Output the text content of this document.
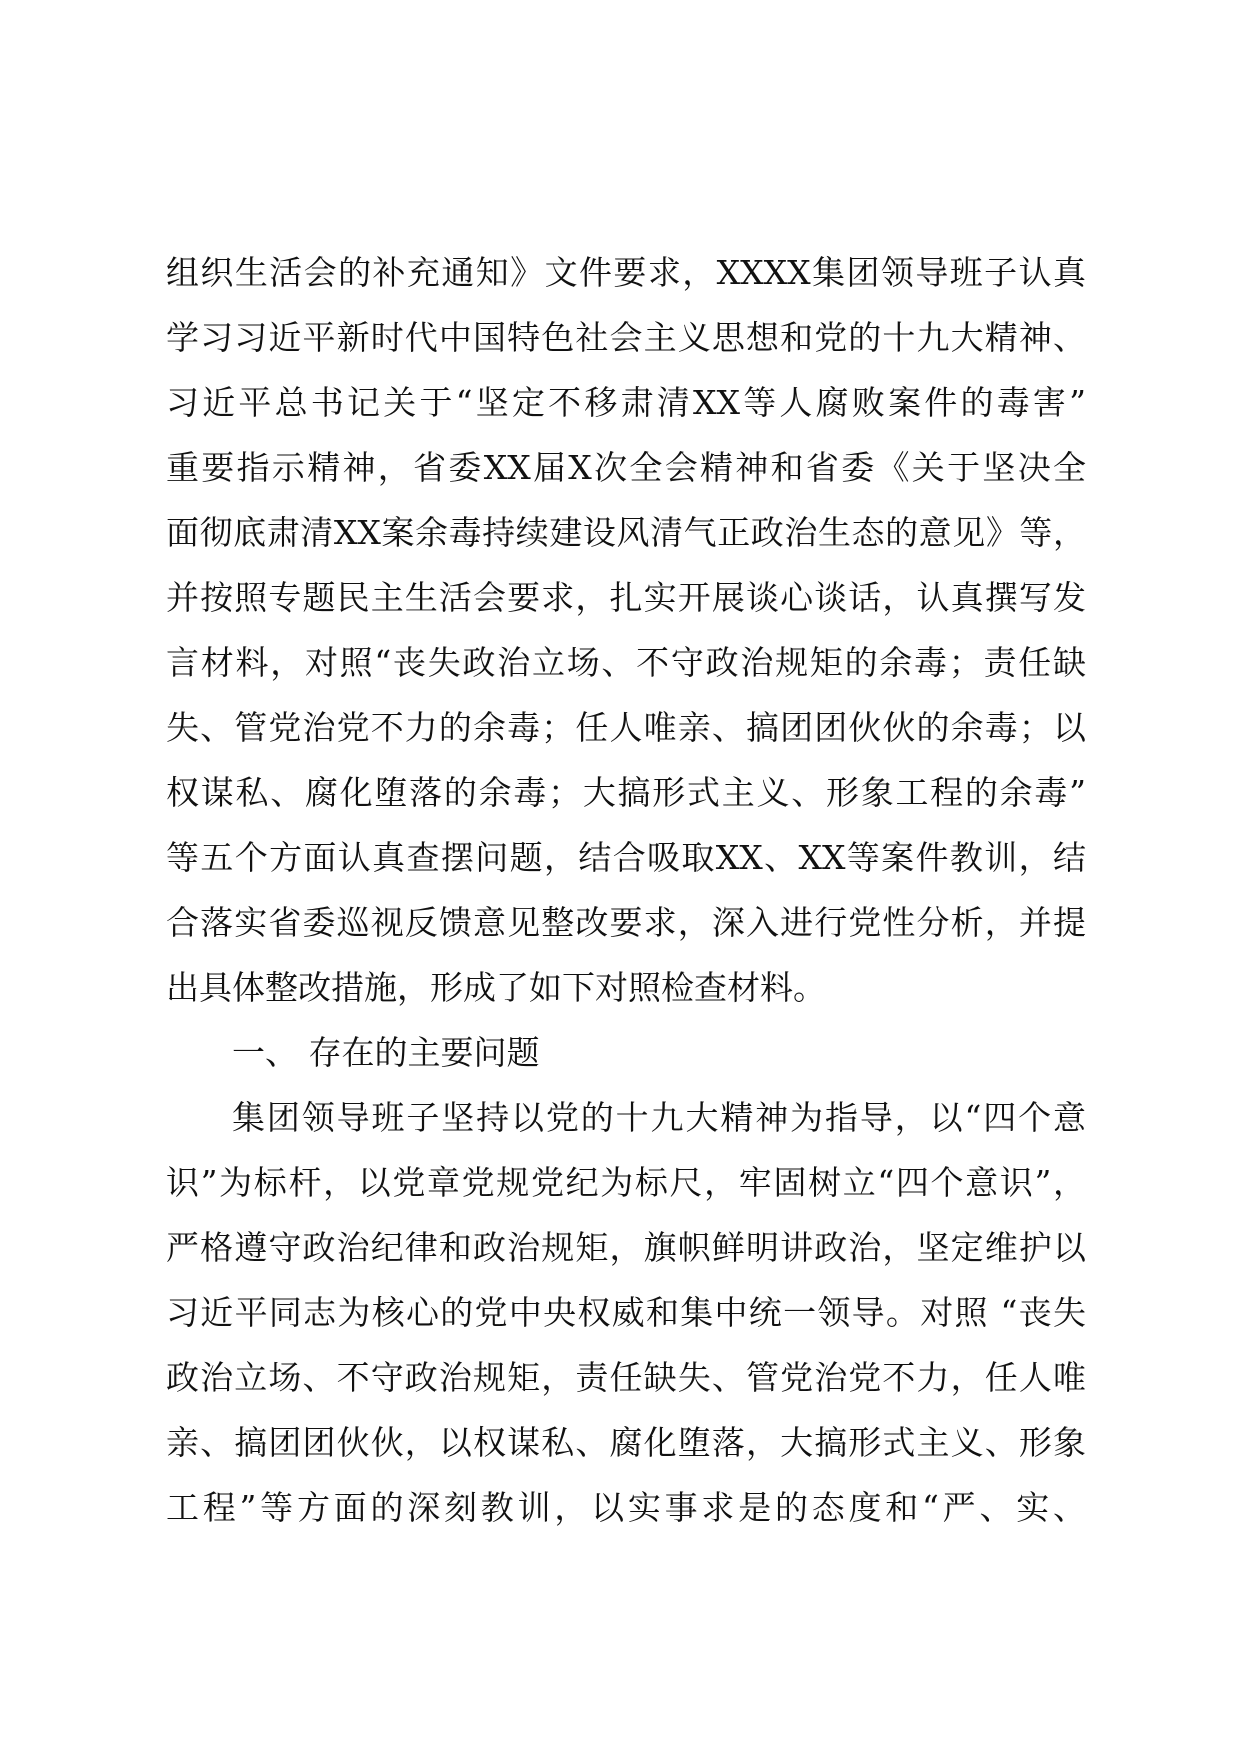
组织生活会的补充通知》文件要求，XXXX集团领导班子认真
学习习近平新时代中国特色社会主义思想和党的十九大精神、
习近平总书记关于“坚定不移肃清XX等人腐败案件的毒害”
重要指示精神，省委XX届X次全会精神和省委《关于坚决全
面彻底肃清XX案余毒持续建设风清气正政治生态的意见》等，
并按照专题民主生活会要求，扎实开展谈心谈话，认真撰写发
言材料，对照“丧失政治立场、不守政治规矩的余毒；责任缺
失、管党治党不力的余毒；任人唯亲、搞团团伙伙的余毒；以
权谋私、腐化堕落的余毒；大搞形式主义、形象工程的余毒”
等五个方面认真查摆问题，结合吸取XX、XX等案件教训，结
合落实省委巡视反馈意见整改要求，深入进行党性分析，并提
出具体整改措施，形成了如下对照检查材料。
一、 存在的主要问题
集团领导班子坚持以党的十九大精神为指导，以“四个意
识”为标杆，以党章党规党纪为标尺，牢固树立“四个意识”，
严格遵守政治纪律和政治规矩，旗帜鲜明讲政治，坚定维护以
习近平同志为核心的党中央权威和集中统一领导。对照 “丧失
政治立场、不守政治规矩，责任缺失、管党治党不力，任人唯
亲、搞团团伙伙，以权谋私、腐化堕落，大搞形式主义、形象
工程”等方面的深刻教训，以实事求是的态度和“严、实、
